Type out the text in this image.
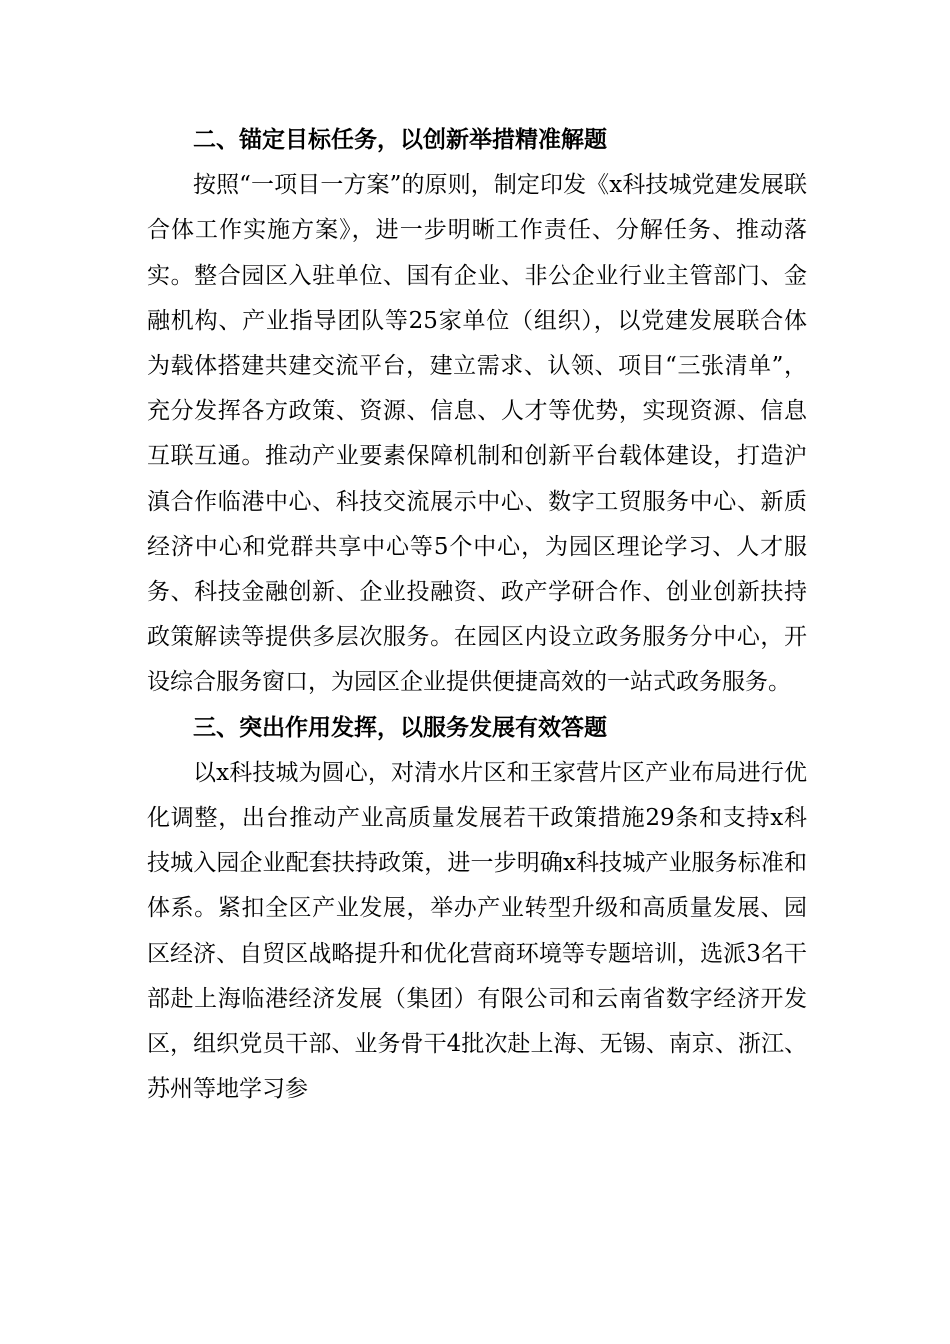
二、锚定目标任务，以创新举措精准解题

按照“一项目一方案”的原则，制定印发《x科技城党建发展联合体工作实施方案》，进一步明晰工作责任、分解任务、推动落实。整合园区入驻单位、国有企业、非公企业行业主管部门、金融机构、产业指导团队等25家单位（组织），以党建发展联合体为载体搭建共建交流平台，建立需求、认领、项目“三张清单”，充分发挥各方政策、资源、信息、人才等优势，实现资源、信息互联互通。推动产业要素保障机制和创新平台载体建设，打造沪滇合作临港中心、科技交流展示中心、数字工贸服务中心、新质经济中心和党群共享中心等5个中心，为园区理论学习、人才服务、科技金融创新、企业投融资、政产学研合作、创业创新扶持政策解读等提供多层次服务。在园区内设立政务服务分中心，开设综合服务窗口，为园区企业提供便捷高效的一站式政务服务。

三、突出作用发挥，以服务发展有效答题

以x科技城为圆心，对清水片区和王家营片区产业布局进行优化调整，出台推动产业高质量发展若干政策措施29条和支持x科技城入园企业配套扶持政策，进一步明确x科技城产业服务标准和体系。紧扣全区产业发展，举办产业转型升级和高质量发展、园区经济、自贸区战略提升和优化营商环境等专题培训，选派3名干部赴上海临港经济发展（集团）有限公司和云南省数字经济开发区，组织党员干部、业务骨干4批次赴上海、无锡、南京、浙江、苏州等地学习参
